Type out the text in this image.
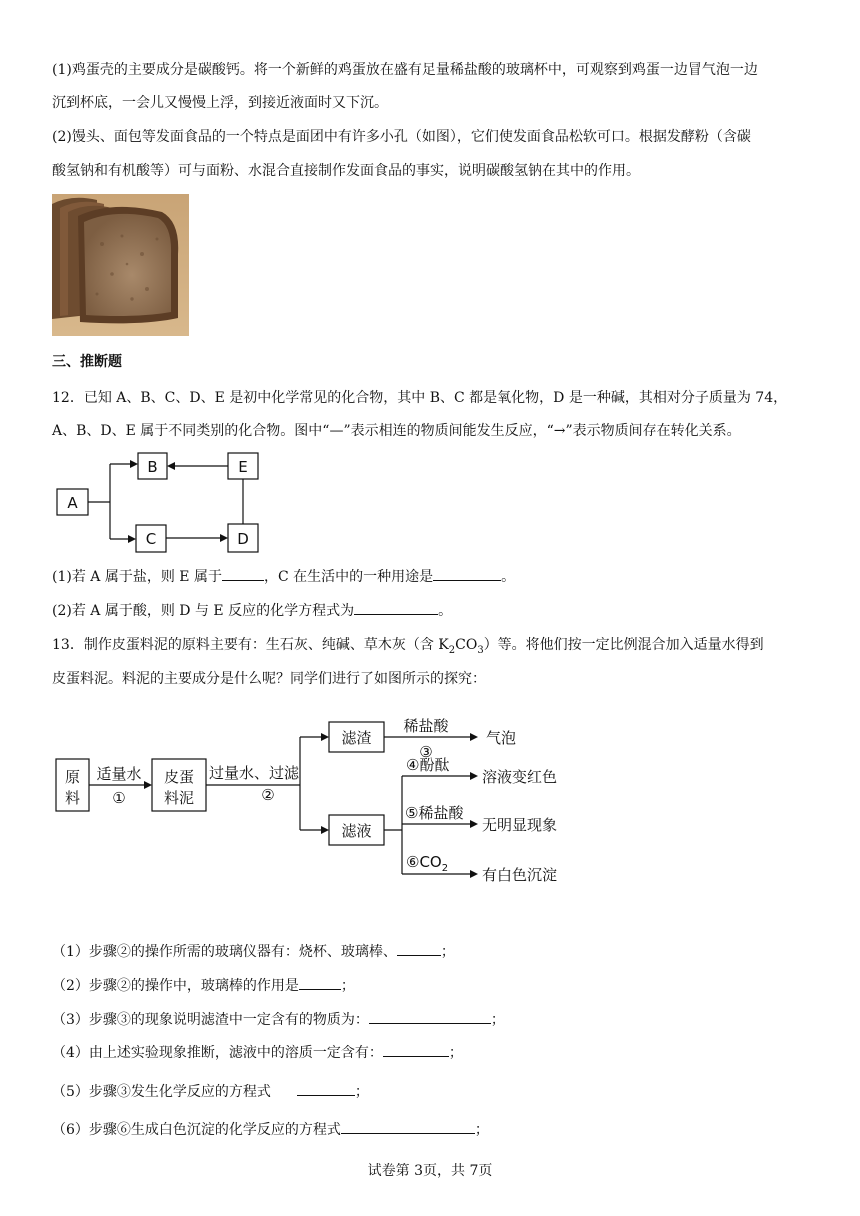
(1)鸡蛋壳的主要成分是碳酸钙。将一个新鲜的鸡蛋放在盛有足量稀盐酸的玻璃杯中，可观察到鸡蛋一边冒气泡一边
沉到杯底，一会儿又慢慢上浮，到接近液面时又下沉。
(2)馒头、面包等发面食品的一个特点是面团中有许多小孔（如图），它们使发面食品松软可口。根据发酵粉（含碳
酸氢钠和有机酸等）可与面粉、水混合直接制作发面食品的事实，说明碳酸氢钠在其中的作用。
三、推断题
12．已知 A、B、C、D、E 是初中化学常见的化合物，其中 B、C 都是氧化物，D 是一种碱，其相对分子质量为 74，
A、B、D、E 属于不同类别的化合物。图中“—”表示相连的物质间能发生反应，“→”表示物质间存在转化关系。
A
B	E
C	D
(1)若 A 属于盐，则 E 属于	，C 在生活中的一种用途是	。
(2)若 A 属于酸，则 D 与 E 反应的化学方程式为	。
13．制作皮蛋料泥的原料主要有：生石灰、纯碱、草木灰（含 $K_2CO_3$）等。将他们按一定比例混合加入适量水得到
皮蛋料泥。料泥的主要成分是什么呢？同学们进行了如图所示的探究：
原
料
适量水
①
皮蛋
料泥
过量水、过滤
②
滤渣
滤液
稀盐酸
③
气泡
④酚酞
溶液变红色
⑤稀盐酸
无明显现象
$⑥CO_2$ 有白色沉淀
（1）步骤②的操作所需的玻璃仪器有：烧杯、玻璃棒、	；
（2）步骤②的操作中，玻璃棒的作用是	；
（3）步骤③的现象说明滤渣中一定含有的物质为：	；
（4）由上述实验现象推断，滤液中的溶质一定含有：	；
（5）步骤③发生化学反应的方程式	；
（6）步骤⑥生成白色沉淀的化学反应的方程式	；
试卷第 3页，共 7页
